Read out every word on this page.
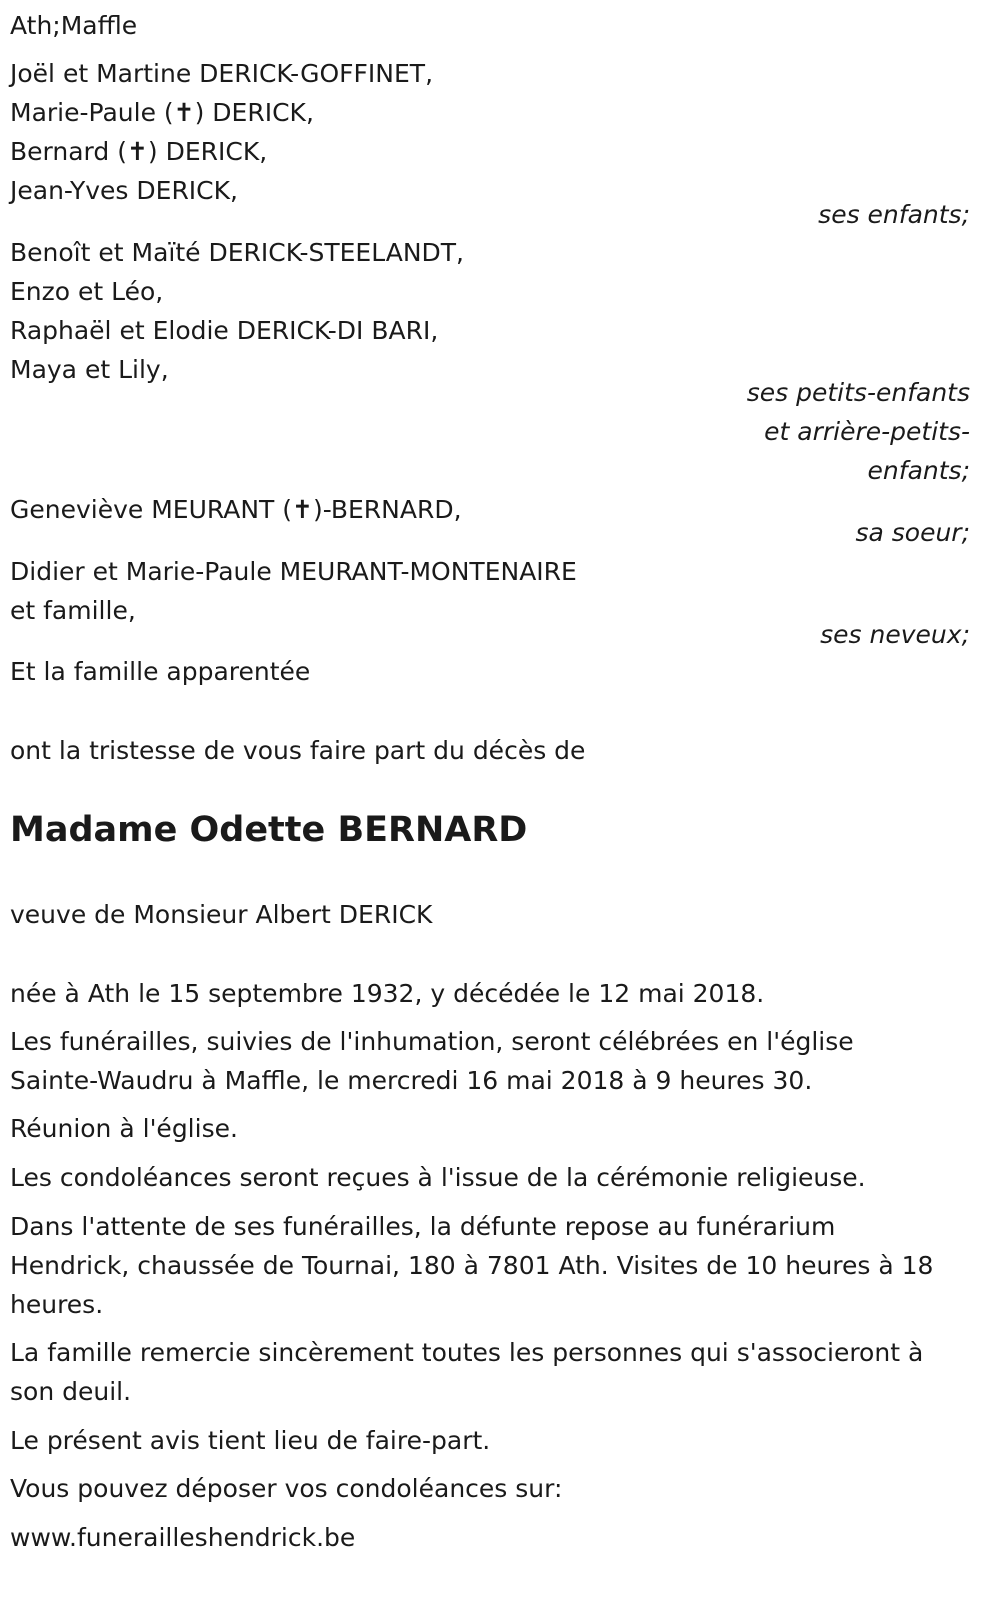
Ath;Maffle
Joël et Martine DERICK-GOFFINET,
Marie-Paule (✝) DERICK,
Bernard (✝) DERICK,
Jean-Yves DERICK,
ses enfants;
Benoît et Maïté DERICK-STEELANDT,
Enzo et Léo,
Raphaël et Elodie DERICK-DI BARI,
Maya et Lily,
ses petits-enfants
et arrière-petits-
enfants;
Geneviève MEURANT (✝)-BERNARD,
sa soeur;
Didier et Marie-Paule MEURANT-MONTENAIRE
et famille,
ses neveux;
Et la famille apparentée
ont la tristesse de vous faire part du décès de
Madame Odette BERNARD
veuve de Monsieur Albert DERICK
née à Ath le 15 septembre 1932, y décédée le 12 mai 2018.
Les funérailles, suivies de l'inhumation, seront célébrées en l'église
Sainte-Waudru à Maffle, le mercredi 16 mai 2018 à 9 heures 30.
Réunion à l'église.
Les condoléances seront reçues à l'issue de la cérémonie religieuse.
Dans l'attente de ses funérailles, la défunte repose au funérarium
Hendrick, chaussée de Tournai, 180 à 7801 Ath. Visites de 10 heures à 18
heures.
La famille remercie sincèrement toutes les personnes qui s'associeront à
son deuil.
Le présent avis tient lieu de faire-part.
Vous pouvez déposer vos condoléances sur:
www.funerailleshendrick.be
